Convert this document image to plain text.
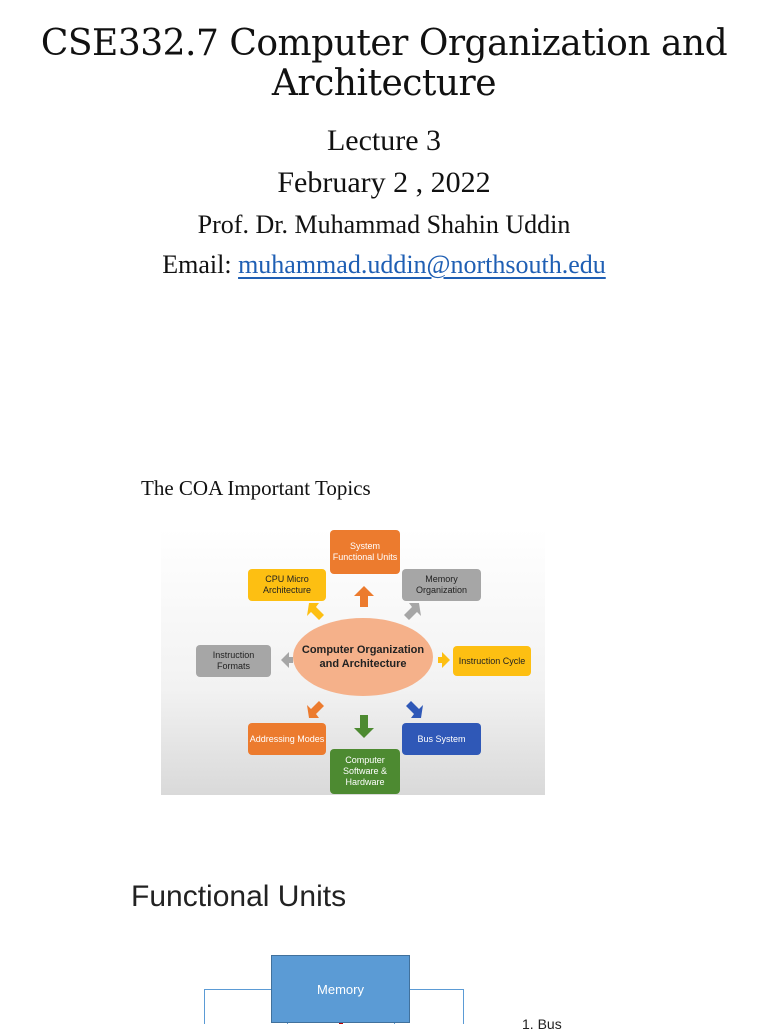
CSE332.7 Computer Organization and
Architecture
Lecture 3
February 2 , 2022
Prof. Dr. Muhammad Shahin Uddin
Email: muhammad.uddin@northsouth.edu
The COA Important Topics
System Functional Units
Memory Organization
CPU Micro Architecture
Instruction Formats
Instruction Cycle
Addressing Modes	Bus System
Computer Software & Hardware
Computer Organization and Architecture
Functional Units
Memory
1. Bus
